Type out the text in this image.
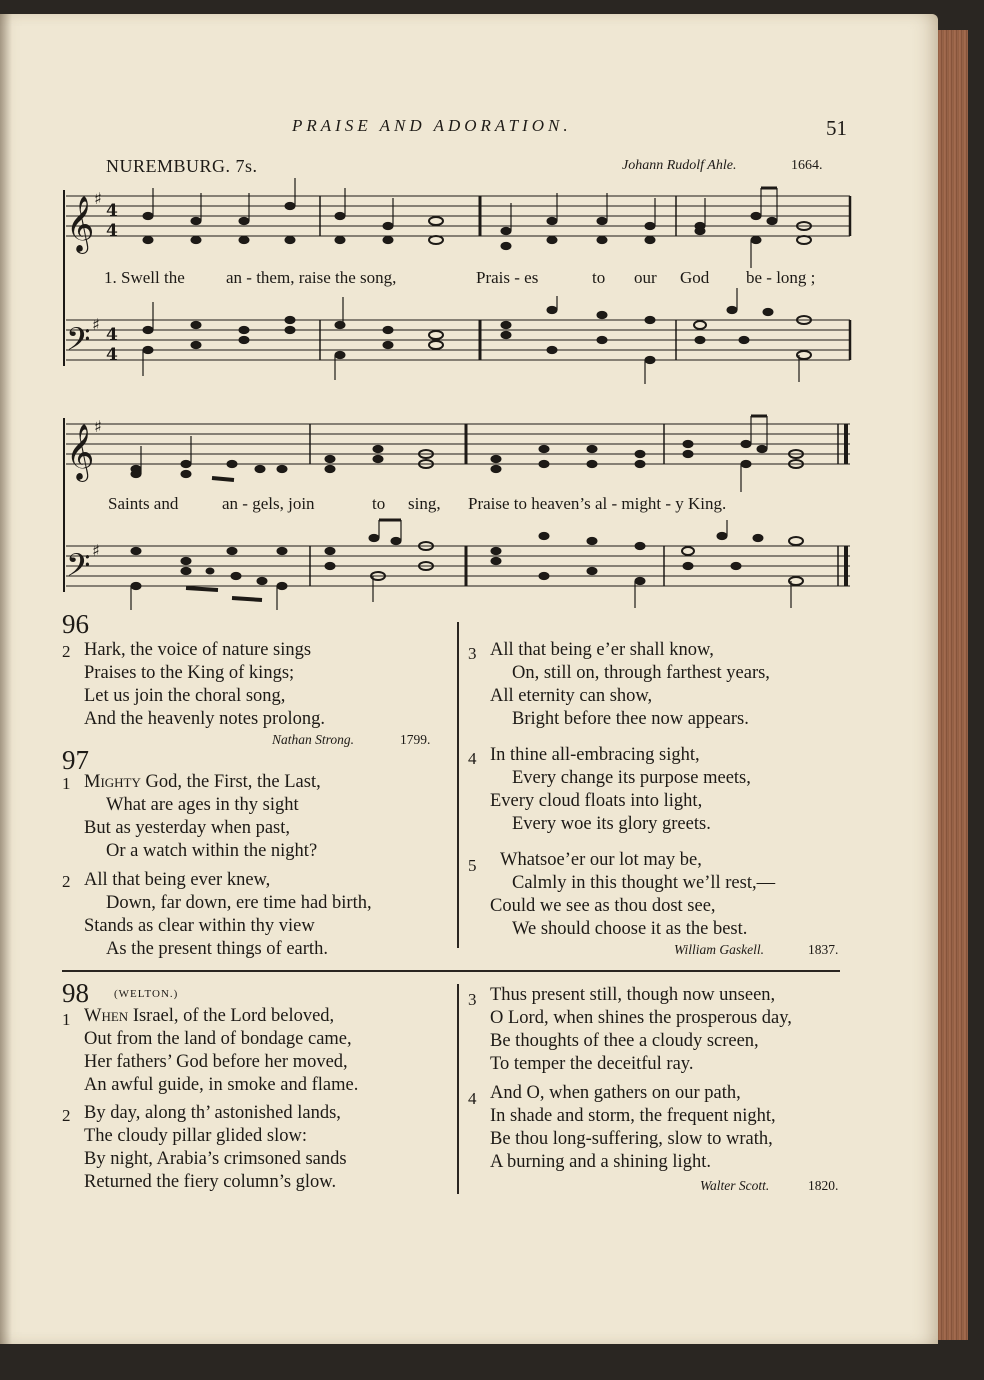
PRAISE AND ADORATION.	51
NUREMBURG. 7s.	Johann Rudolf Ahle.	1664.
𝄞
𝄢
𝄞
𝄢
♯
♯
♯
♯
4
4
4
4
1. Swell the an - them, raise the song,	Prais - es	to our God be - long ;
Saints and	an - gels, join	to sing, Praise to heaven’s al - might - y King.
96
2 Hark, the voice of nature sings
Praises to the King of kings;
Let us join the choral song,
And the heavenly notes prolong.
Nathan Strong.	1799.
97
1 Mighty God, the First, the Last,
What are ages in thy sight
But as yesterday when past,
Or a watch within the night?
2 All that being ever knew,
Down, far down, ere time had birth,
Stands as clear within thy view
As the present things of earth.
3 All that being e’er shall know,
On, still on, through farthest years,
All eternity can show,
Bright before thee now appears.
4 In thine all-embracing sight,
Every change its purpose meets,
Every cloud floats into light,
Every woe its glory greets.
5 Whatsoe’er our lot may be,
Calmly in this thought we’ll rest,—
Could we see as thou dost see,
We should choose it as the best.
William Gaskell.	1837.
98 (WELTON.)
1 When Israel, of the Lord beloved,
Out from the land of bondage came,
Her fathers’ God before her moved,
An awful guide, in smoke and flame.
2 By day, along th’ astonished lands,
The cloudy pillar glided slow:
By night, Arabia’s crimsoned sands
Returned the fiery column’s glow.
3 Thus present still, though now unseen,
O Lord, when shines the prosperous day,
Be thoughts of thee a cloudy screen,
To temper the deceitful ray.
4 And O, when gathers on our path,
In shade and storm, the frequent night,
Be thou long-suffering, slow to wrath,
A burning and a shining light.
Walter Scott.	1820.
